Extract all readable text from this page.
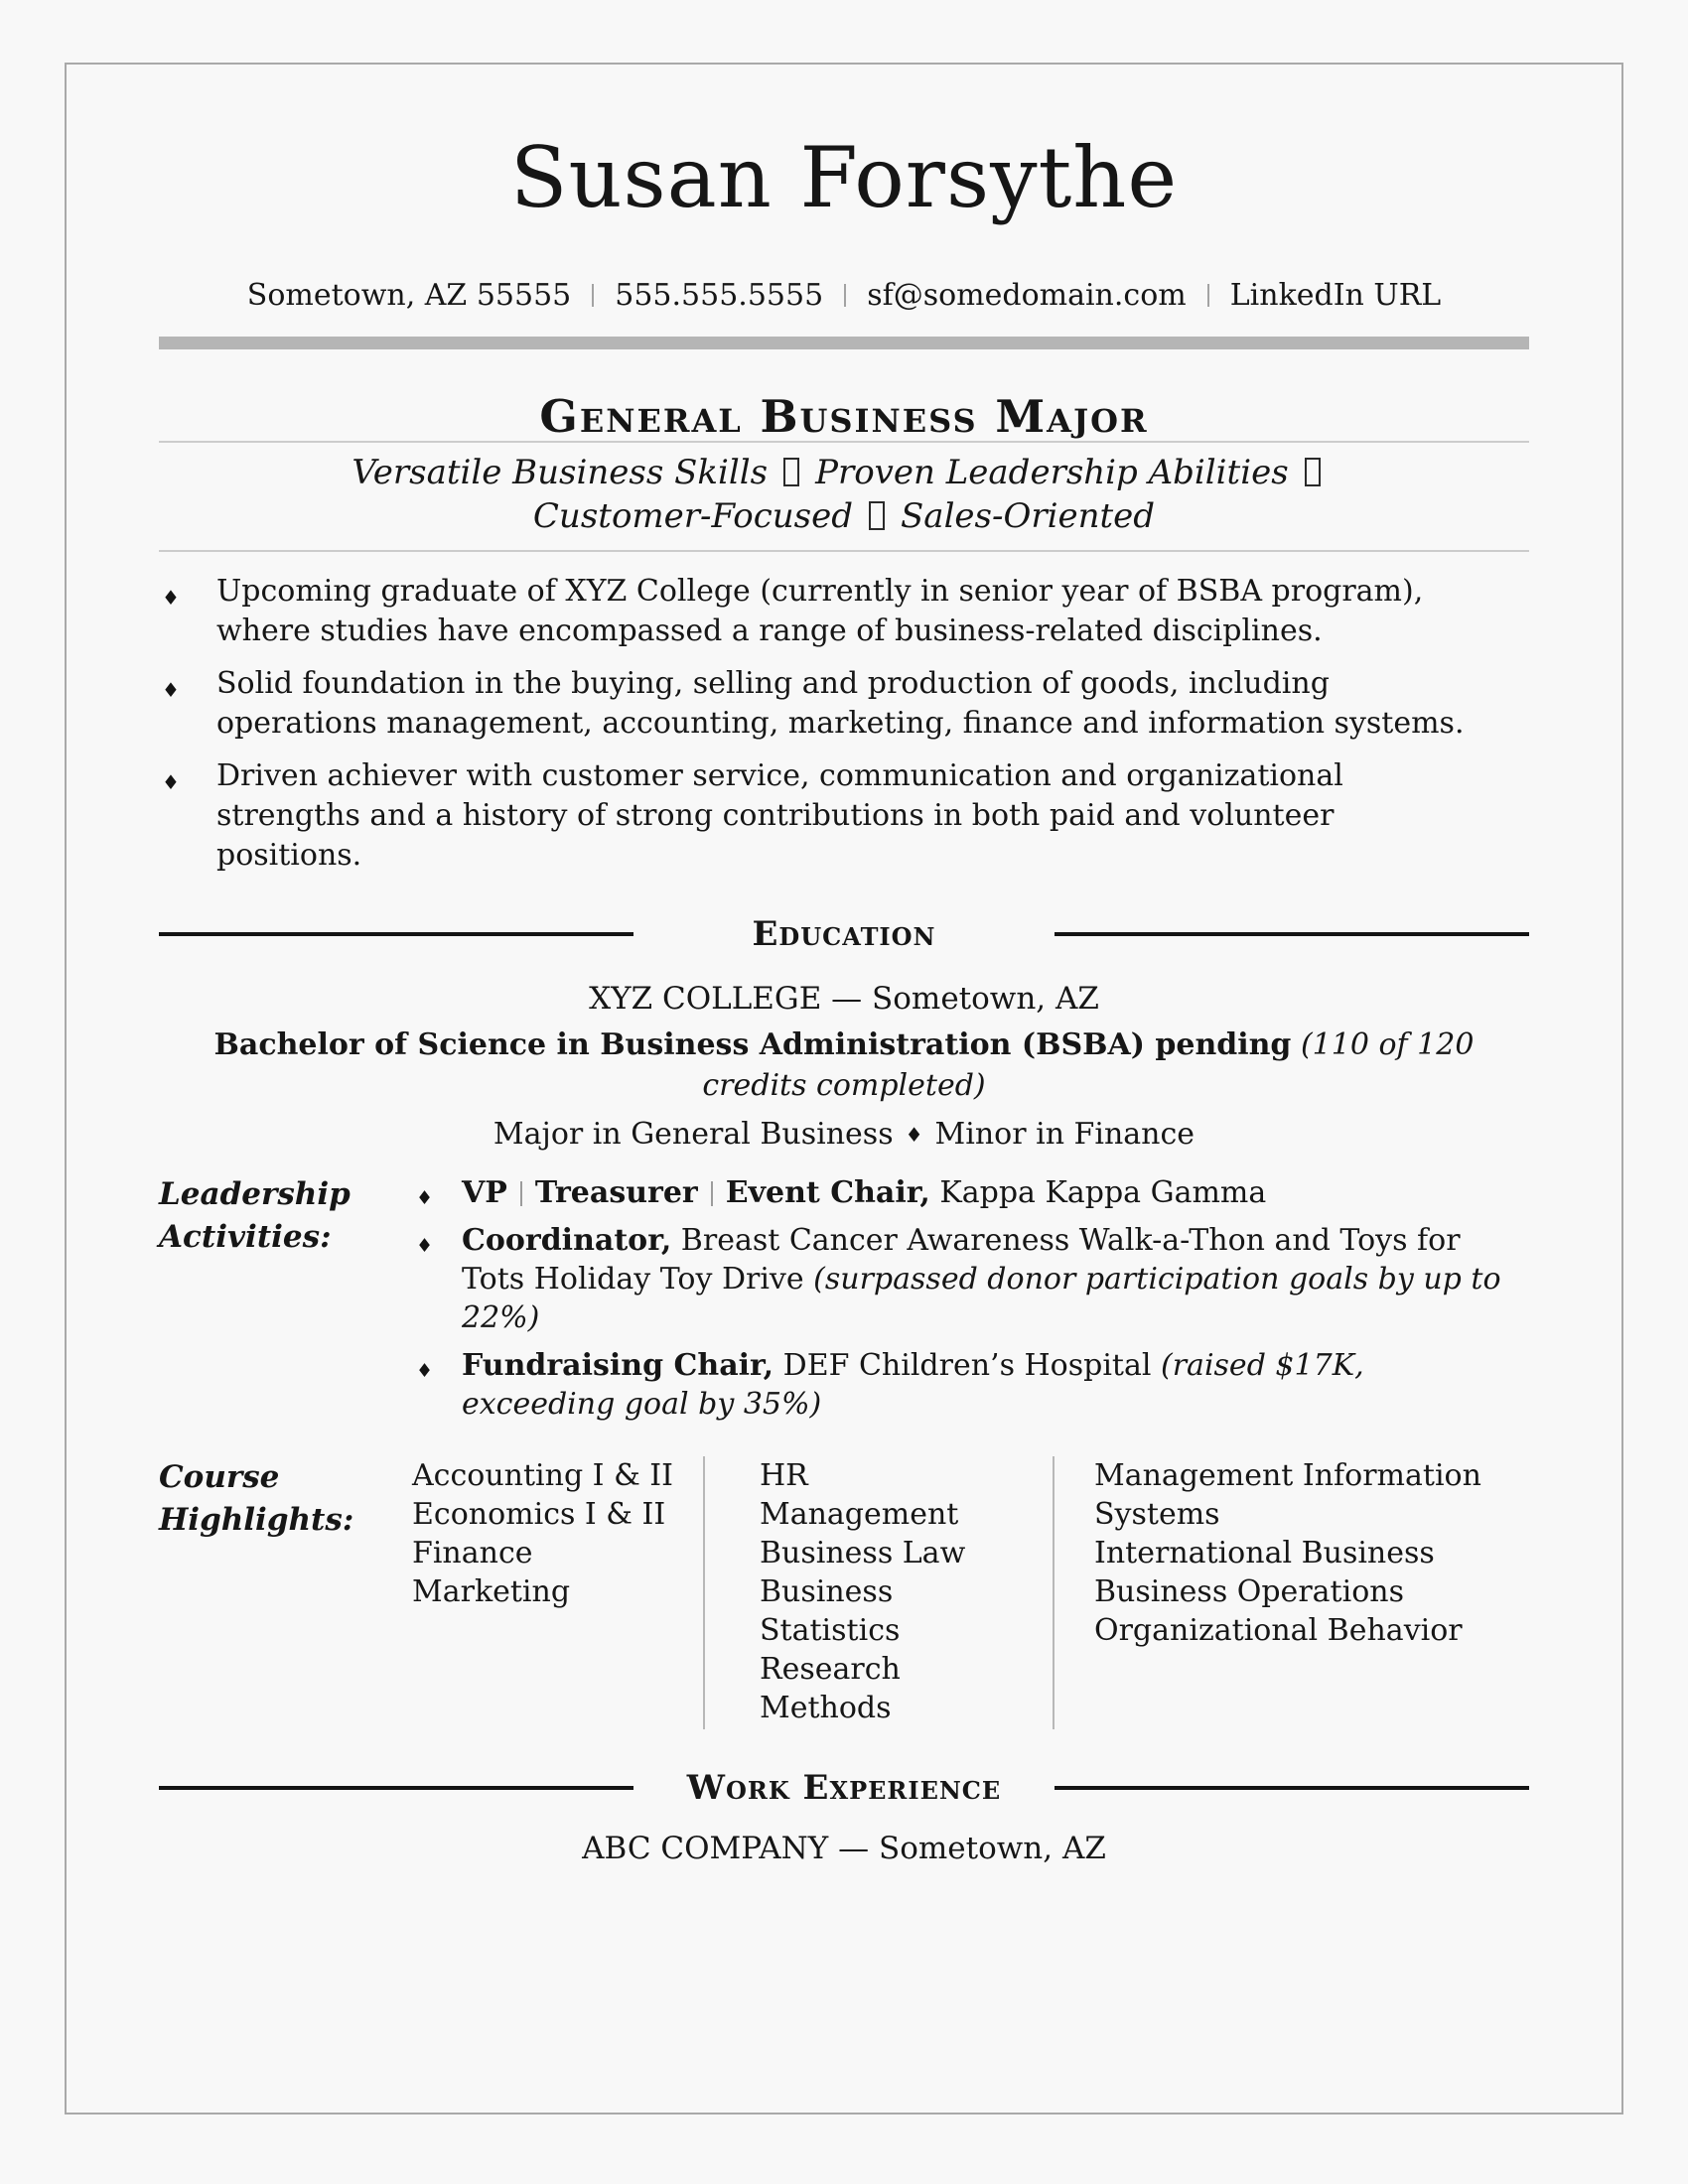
Susan Forsythe
Sometown, AZ 55555 555.555.5555 sf@somedomain.com LinkedIn URL
General Business Major
Versatile Business Skills Proven Leadership AbilitiesCustomer-Focused Sales-Oriented
♦ Upcoming graduate of XYZ College (currently in senior year of BSBA program), where studies have encompassed a range of business-related disciplines.
♦ Solid foundation in the buying, selling and production of goods, including operations management, accounting, marketing, finance and information systems.
♦ Driven achiever with customer service, communication and organizational strengths and a history of strong contributions in both paid and volunteer positions.
Education
XYZ COLLEGE — Sometown, AZ
Bachelor of Science in Business Administration (BSBA) pending (110 of 120 credits completed)
Major in General Business ♦ Minor in Finance
Leadership Activities:
♦ VP Treasurer Event Chair, Kappa Kappa Gamma
♦ Coordinator, Breast Cancer Awareness Walk-a-Thon and Toys for Tots Holiday Toy Drive (surpassed donor participation goals by up to 22%)
♦ Fundraising Chair, DEF Children’s Hospital (raised $17K, exceeding goal by 35%)
Course Highlights:
Accounting I & II
Economics I & II
Finance
Marketing
HR Management
Business Law
Business Statistics
Research Methods
Management Information Systems
International Business
Business Operations
Organizational Behavior
Work Experience
ABC COMPANY — Sometown, AZ
